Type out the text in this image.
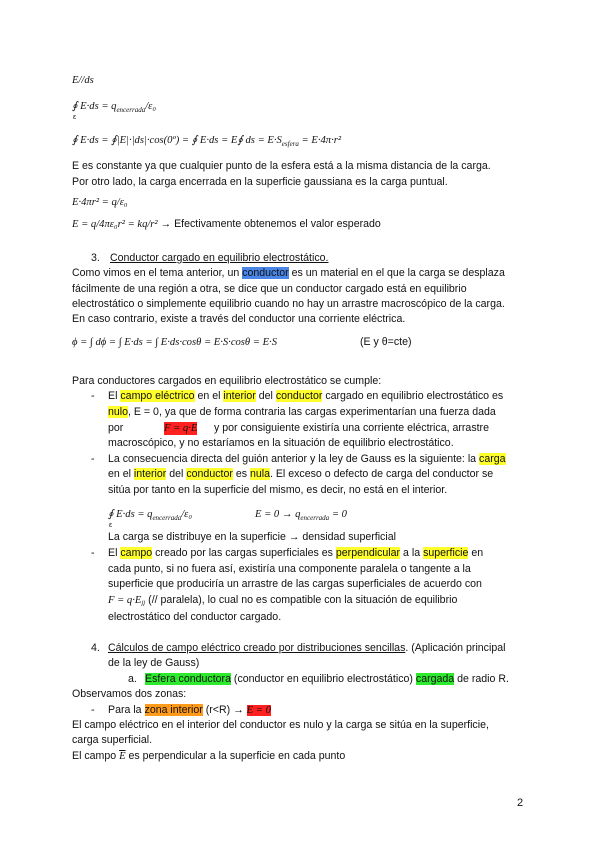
E//ds
∮ $E\cdot ds = q_{encerrada}/\varepsilon_0$
ε
∮ E·ds = ∮|E|·|ds|·cos(0º) = ∮ E·ds = E∮ ds = $E\cdot S_{esfera} = E\cdot 4\pi\cdot r^2$
E es constante ya que cualquier punto de la esfera está a la misma distancia de la carga.
Por otro lado, la carga encerrada en la superficie gaussiana es la carga puntual.
E·4πr² = q/ε₀
E = q/4πε₀r² = kq/r² → Efectivamente obtenemos el valor esperado
3. Conductor cargado en equilibrio electrostático.
Como vimos en el tema anterior, un conductor es un material en el que la carga se desplaza
fácilmente de una región a otra, se dice que un conductor cargado está en equilibrio
electrostático o simplemente equilibrio cuando no hay un arrastre macroscópico de la carga.
En caso contrario, existe a través del conductor una corriente eléctrica.
ϕ = ∫ dϕ = ∫ E·ds = ∫ E·ds·cosθ = E·S·cosθ = E·S	(E y θ=cte)
Para conductores cargados en equilibrio electrostático se cumple:
- El campo eléctrico en el interior del conductor cargado en equilibrio electrostático es
nulo, E = 0, ya que de forma contraria las cargas experimentarían una fuerza dada
por	F = q·E y por consiguiente existiría una corriente eléctrica, arrastre
macroscópico, y no estaríamos en la situación de equilibrio electrostático.
- La consecuencia directa del guión anterior y la ley de Gauss es la siguiente: la carga
en el interior del conductor es nula. El exceso o defecto de carga del conductor se
sitúa por tanto en la superficie del mismo, es decir, no está en el interior.
∮ $E\cdot ds = q_{encerrada}/\varepsilon_0$
ε
$E = 0 \to q_{encerrada} = 0$
La carga se distribuye en la superficie → densidad superficial
- El campo creado por las cargas superficiales es perpendicular a la superficie en
cada punto, si no fuera así, existiría una componente paralela o tangente a la
superficie que produciría un arrastre de las cargas superficiales de acuerdo con
$F = q\cdot E_{//}$ (// paralela), lo cual no es compatible con la situación de equilibrio
electrostático del conductor cargado.
4. Cálculos de campo eléctrico creado por distribuciones sencillas. (Aplicación principal
de la ley de Gauss)
a. Esfera conductora (conductor en equilibrio electrostático) cargada de radio R.
Observamos dos zonas:
- Para la zona interior (r<R) → E = 0
El campo eléctrico en el interior del conductor es nulo y la carga se sitúa en la superficie,
carga superficial.
El campo $\overline{E}$ es perpendicular a la superficie en cada punto
2
